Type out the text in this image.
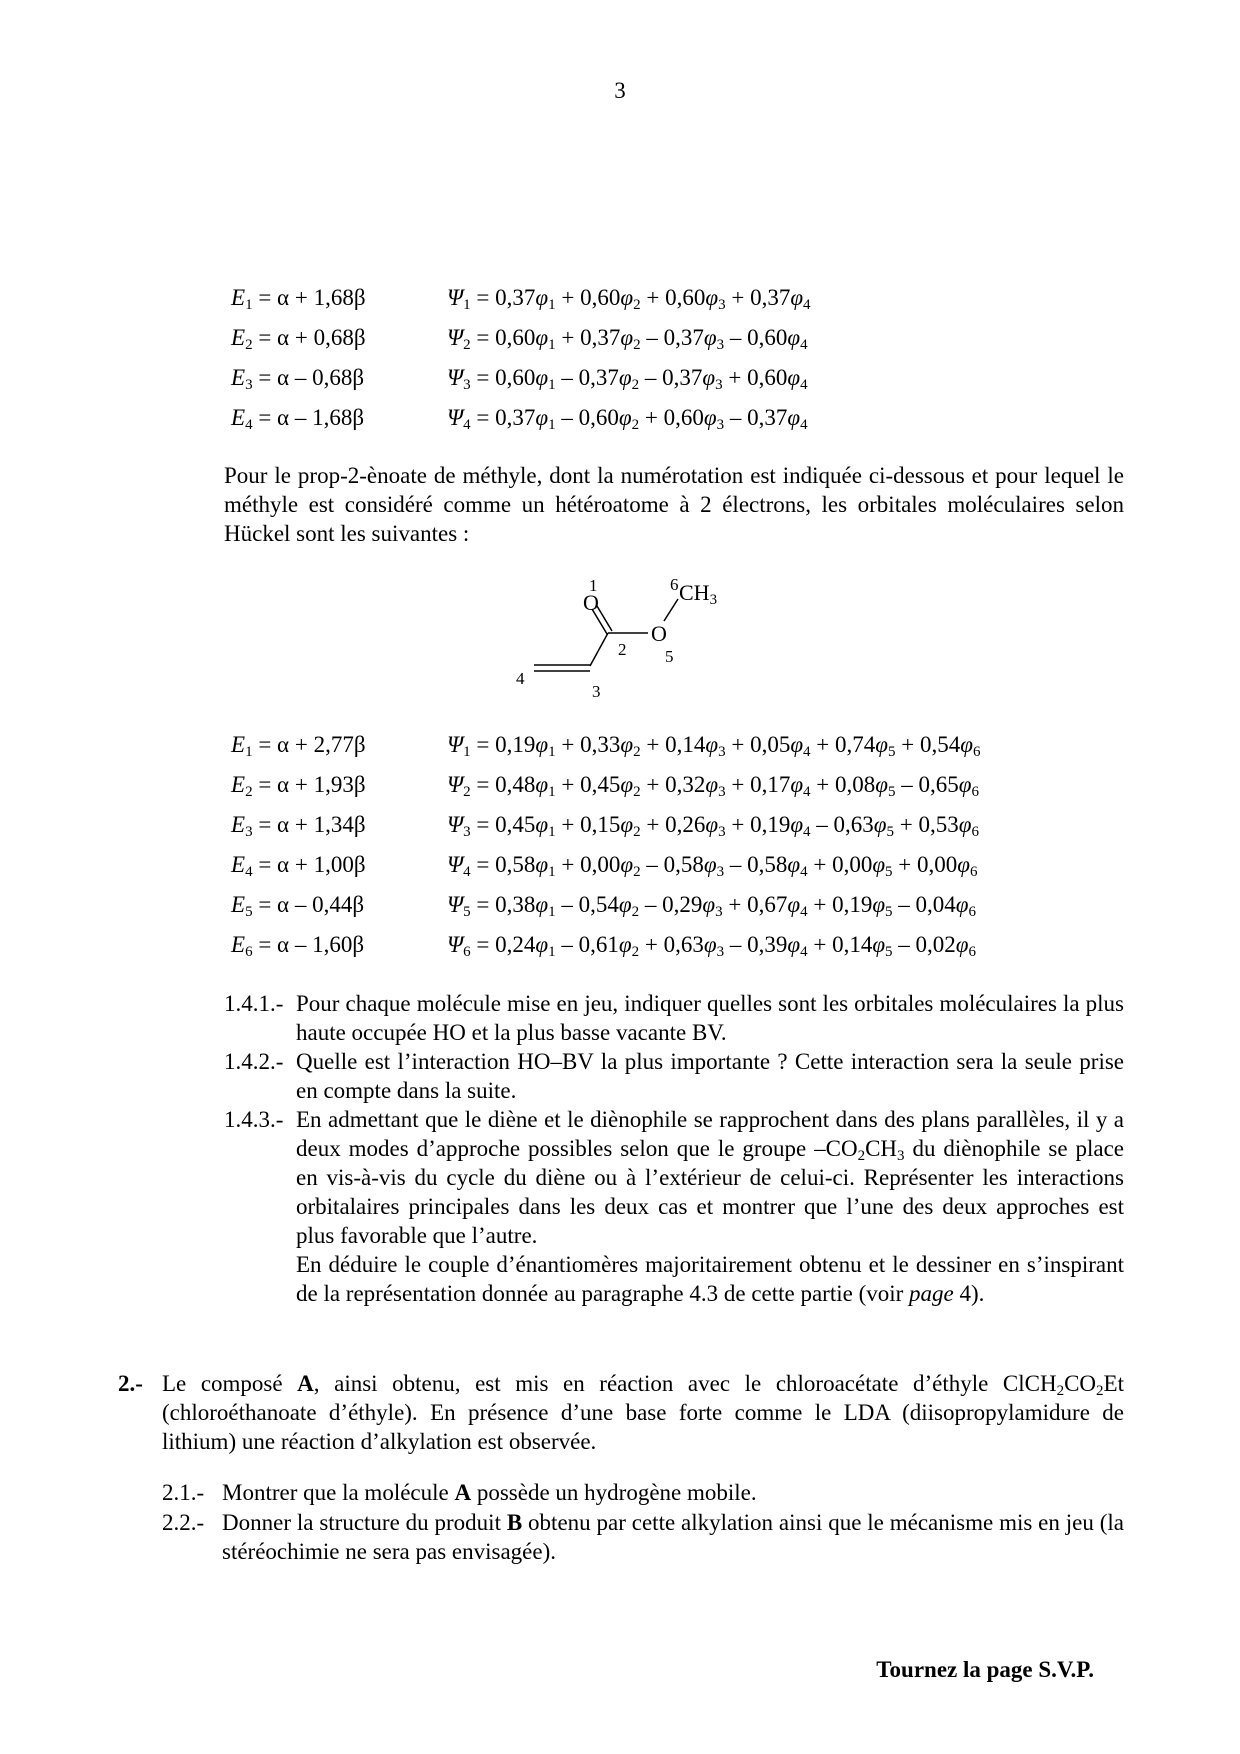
3
$E_1 = \alpha + 1,68\beta$	$\Psi_1 = 0,37\varphi_1 + 0,60\varphi_2 + 0,60\varphi_3 + 0,37\varphi_4$
$E_2 = \alpha + 0,68\beta$	$\Psi_2 = 0,60\varphi_1 + 0,37\varphi_2 - 0,37\varphi_3 - 0,60\varphi_4$
$E_3 = \alpha - 0,68\beta$	$\Psi_3 = 0,60\varphi_1 - 0,37\varphi_2 - 0,37\varphi_3 + 0,60\varphi_4$
$E_4 = \alpha - 1,68\beta$	$\Psi_4 = 0,37\varphi_1 - 0,60\varphi_2 + 0,60\varphi_3 - 0,37\varphi_4$
Pour le prop-2-ènoate de méthyle, dont la numérotation est indiquée ci-dessous et pour lequel le méthyle est considéré comme un hétéroatome à 2 électrons, les orbitales moléculaires selon Hückel sont les suivantes :
1
O
6 $CH_3$
O
2 5
4
3
$E_1 = \alpha + 2,77\beta$	$\Psi_1 = 0,19\varphi_1 + 0,33\varphi_2 + 0,14\varphi_3 + 0,05\varphi_4 + 0,74\varphi_5 + 0,54\varphi_6$
$E_2 = \alpha + 1,93\beta$	$\Psi_2 = 0,48\varphi_1 + 0,45\varphi_2 + 0,32\varphi_3 + 0,17\varphi_4 + 0,08\varphi_5 - 0,65\varphi_6$
$E_3 = \alpha + 1,34\beta$	$\Psi_3 = 0,45\varphi_1 + 0,15\varphi_2 + 0,26\varphi_3 + 0,19\varphi_4 - 0,63\varphi_5 + 0,53\varphi_6$
$E_4 = \alpha + 1,00\beta$	$\Psi_4 = 0,58\varphi_1 + 0,00\varphi_2 - 0,58\varphi_3 - 0,58\varphi_4 + 0,00\varphi_5 + 0,00\varphi_6$
$E_5 = \alpha - 0,44\beta$	$\Psi_5 = 0,38\varphi_1 - 0,54\varphi_2 - 0,29\varphi_3 + 0,67\varphi_4 + 0,19\varphi_5 - 0,04\varphi_6$
$E_6 = \alpha - 1,60\beta$	$\Psi_6 = 0,24\varphi_1 - 0,61\varphi_2 + 0,63\varphi_3 - 0,39\varphi_4 + 0,14\varphi_5 - 0,02\varphi_6$
1.4.1.- Pour chaque molécule mise en jeu, indiquer quelles sont les orbitales moléculaires la plus haute occupée HO et la plus basse vacante BV.
1.4.2.- Quelle est l’interaction HO–BV la plus importante ? Cette interaction sera la seule prise en compte dans la suite.
1.4.3.- En admettant que le diène et le diènophile se rapprochent dans des plans parallèles, il y a deux modes d’approche possibles selon que le groupe $-CO_2CH_3$ du diènophile se place en vis-à-vis du cycle du diène ou à l’extérieur de celui-ci. Représenter les interactions orbitalaires principales dans les deux cas et montrer que l’une des deux approches est plus favorable que l’autre.
En déduire le couple d’énantiomères majoritairement obtenu et le dessiner en s’inspirant de la représentation donnée au paragraphe 4.3 de cette partie (voir page 4).
2.- Le composé A, ainsi obtenu, est mis en réaction avec le chloroacétate d’éthyle $ClCH_2CO_2Et$ (chloroéthanoate d’éthyle). En présence d’une base forte comme le LDA (diisopropylamidure de lithium) une réaction d’alkylation est observée.
2.1.- Montrer que la molécule A possède un hydrogène mobile.
2.2.- Donner la structure du produit B obtenu par cette alkylation ainsi que le mécanisme mis en jeu (la stéréochimie ne sera pas envisagée).
Tournez la page S.V.P.
